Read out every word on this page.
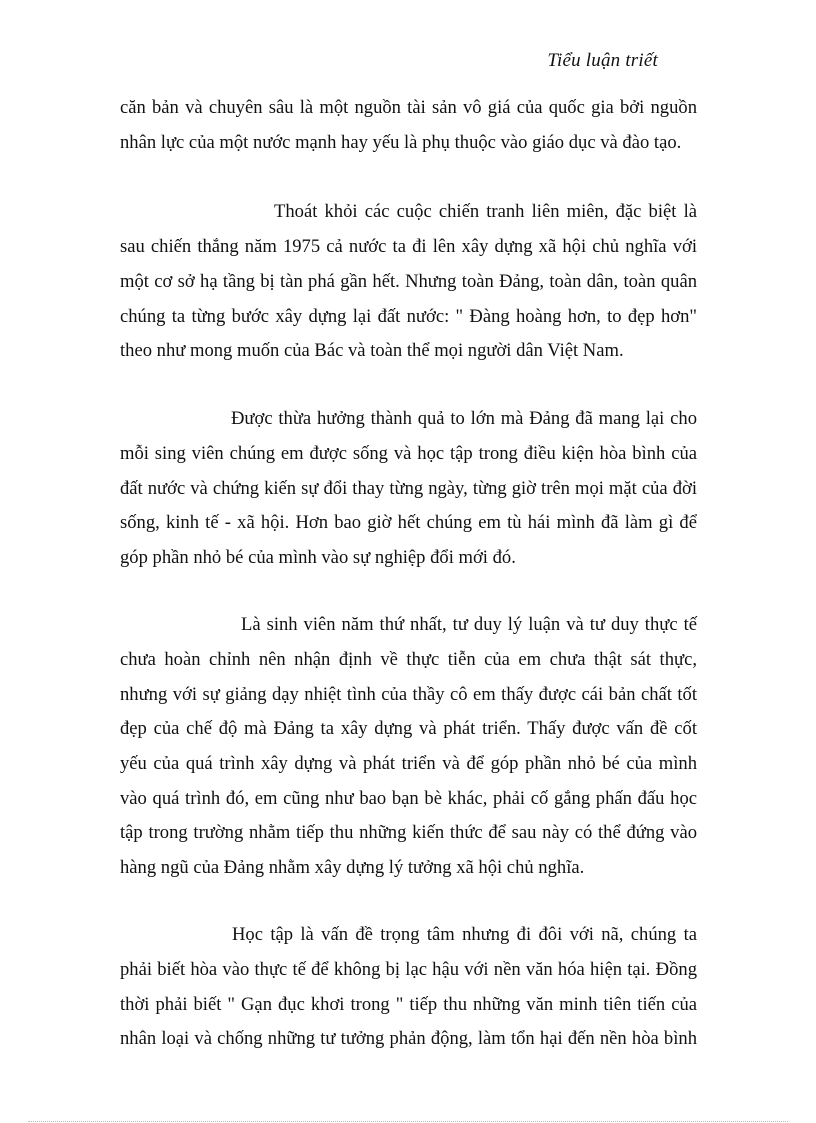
Tiểu luận triết
căn bản và chuyên sâu là một nguồn tài sản vô giá của quốc gia bởi nguồn
nhân lực của một nước mạnh hay yếu là phụ thuộc vào giáo dục và đào tạo.
Thoát khỏi các cuộc chiến tranh liên miên, đặc biệt là
sau chiến thắng năm 1975 cả nước ta đi lên xây dựng xã hội chủ nghĩa với
một cơ sở hạ tầng bị tàn phá gần hết. Nhưng toàn Đảng, toàn dân, toàn quân
chúng ta từng bước xây dựng lại đất nước: " Đàng hoàng hơn, to đẹp hơn"
theo như mong muốn của Bác và toàn thể mọi người dân Việt Nam.
Được thừa hưởng thành quả to lớn mà Đảng đã mang lại cho
mỗi sing viên chúng em được sống và học tập trong điều kiện hòa bình của
đất nước và chứng kiến sự đổi thay từng ngày, từng giờ trên mọi mặt của đời
sống, kinh tế - xã hội. Hơn bao giờ hết chúng em tù hái mình đã làm gì để
góp phần nhỏ bé của mình vào sự nghiệp đổi mới đó.
Là sinh viên năm thứ nhất, tư duy lý luận và tư duy thực tế
chưa hoàn chỉnh nên nhận định về thực tiễn của em chưa thật sát thực,
nhưng với sự giảng dạy nhiệt tình của thầy cô em thấy được cái bản chất tốt
đẹp của chế độ mà Đảng ta xây dựng và phát triển. Thấy được vấn đề cốt
yếu của quá trình xây dựng và phát triển và để góp phần nhỏ bé của mình
vào quá trình đó, em cũng như bao bạn bè khác, phải cố gắng phấn đấu học
tập trong trường nhằm tiếp thu những kiến thức để sau này có thể đứng vào
hàng ngũ của Đảng nhằm xây dựng lý tưởng xã hội chủ nghĩa.
Học tập là vấn đề trọng tâm nhưng đi đôi với nã, chúng ta
phải biết hòa vào thực tế để không bị lạc hậu với nền văn hóa hiện tại. Đồng
thời phải biết " Gạn đục khơi trong " tiếp thu những văn minh tiên tiến của
nhân loại và chống những tư tưởng phản động, làm tổn hại đến nền hòa bình
